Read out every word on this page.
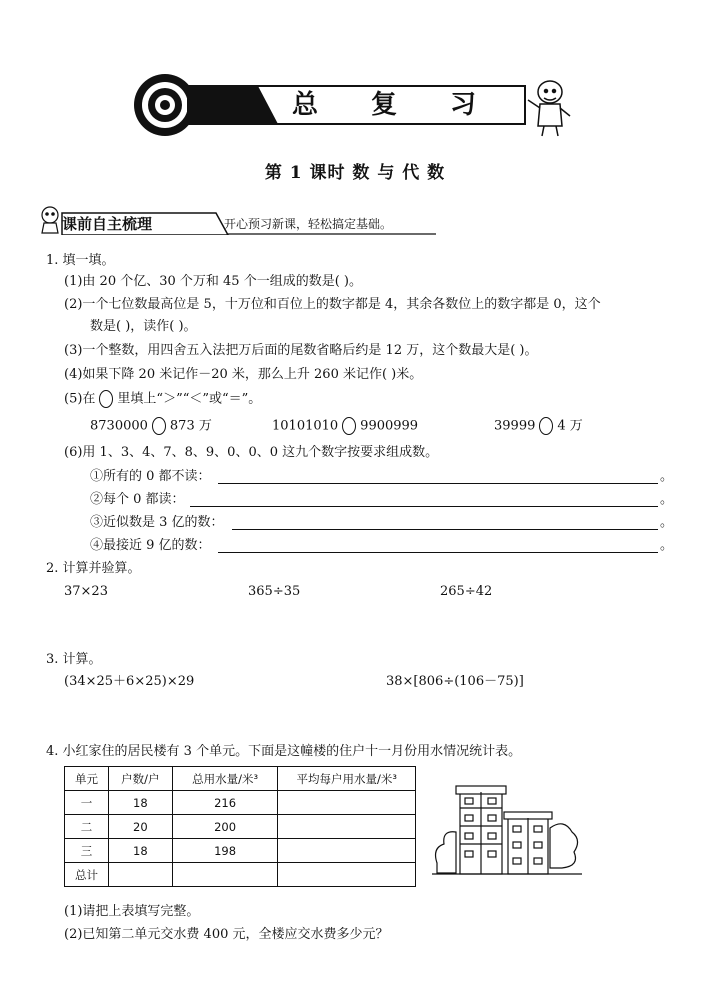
总 复 习
第 1 课时 数 与 代 数
课前自主梳理	开心预习新课，轻松搞定基础。
1. 填一填。
(1)由 20 个亿、30 个万和 45 个一组成的数是( )。
(2)一个七位数最高位是 5，十万位和百位上的数字都是 4，其余各数位上的数字都是 0，这个
数是( )，读作( )。
(3)一个整数，用四舍五入法把万后面的尾数省略后约是 12 万，这个数最大是( )。
(4)如果下降 20 米记作－20 米，那么上升 260 米记作( )米。
(5)在 里填上“＞”“＜”或“＝”。
8730000 873 万	10101010 9900999	39999 4 万
(6)用 1、3、4、7、8、9、0、0、0 这九个数字按要求组成数。
①所有的 0 都不读：	。
②每个 0 都读：	。
③近似数是 3 亿的数：	。
④最接近 9 亿的数：	。
2. 计算并验算。
37×23	365÷35	265÷42
3. 计算。
(34×25＋6×25)×29	38×[806÷(106－75)]
4. 小红家住的居民楼有 3 个单元。下面是这幢楼的住户十一月份用水情况统计表。
单元	户数/户	总用水量/米³	平均每户用水量/米³
一	18	216	
二	20	200	
三	18	198	
总计			
(1)请把上表填写完整。
(2)已知第二单元交水费 400 元，全楼应交水费多少元？
